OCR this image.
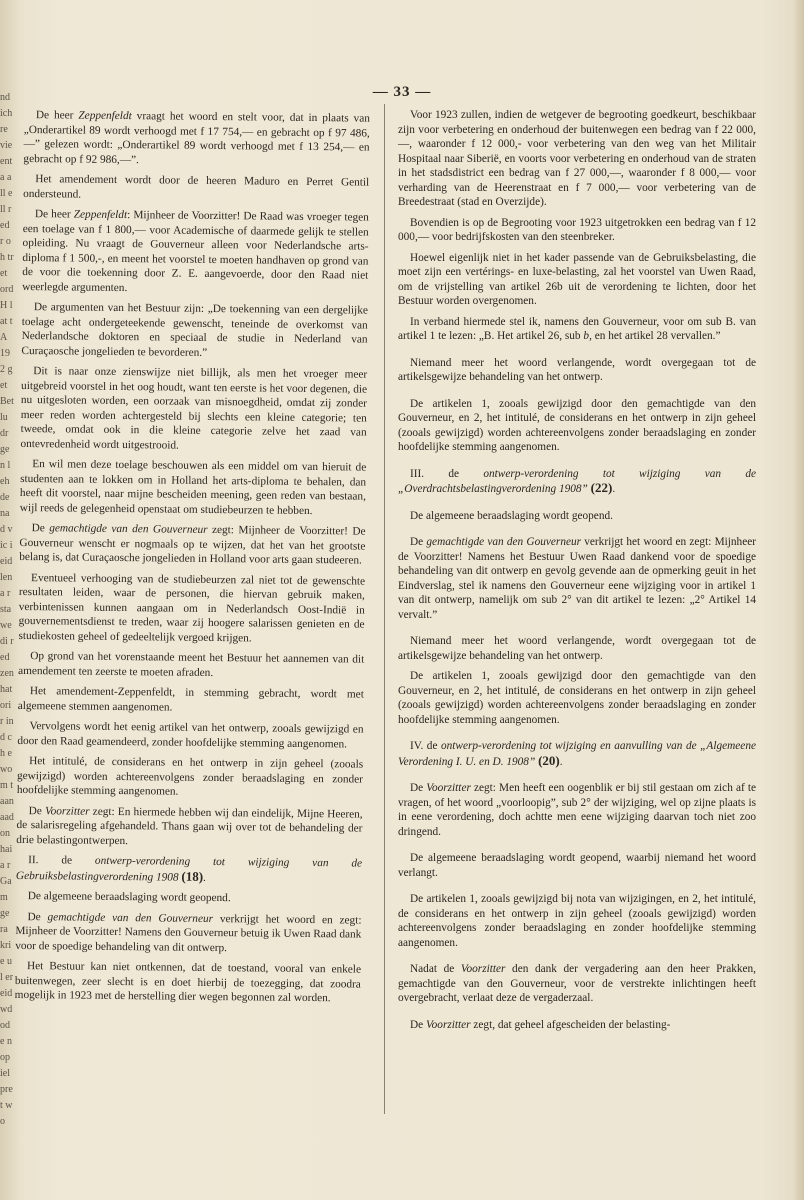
nd ich re vie ent a all ell red r o h tr et ord H lat t A 192 get Bet lu dr gen leh de nad vic ieid len a r sta we di red zen hat ori r ind ch e wo m t aan aad on hai a r Ga m ge ra kri e u l er eid wd ode n op iel pre t wo
— 33 —

De heer Zeppenfeldt vraagt het woord en stelt voor, dat in plaats van „Onderartikel 89 wordt verhoogd met f 17 754,— en gebracht op f 97 486,—” gelezen wordt: „Onderartikel 89 wordt verhoogd met f 13 254,— en gebracht op f 92 986,—”.

Het amendement wordt door de heeren Maduro en Perret Gentil ondersteund.

De heer Zeppenfeldt: Mijnheer de Voorzitter! De Raad was vroeger tegen een toelage van f 1 800,— voor Academische of daarmede gelijk te stellen opleiding. Nu vraagt de Gouverneur alleen voor Nederlandsche arts-diploma f 1 500,-, en meent het voorstel te moeten handhaven op grond van de voor die toekenning door Z. E. aangevoerde, door den Raad niet weerlegde argumenten.

De argumenten van het Bestuur zijn: „De toekenning van een dergelijke toelage acht ondergeteekende gewenscht, teneinde de overkomst van Nederlandsche doktoren en speciaal de studie in Nederland van Curaçaosche jongelieden te bevorderen.”

Dit is naar onze zienswijze niet billijk, als men het vroeger meer uitgebreid voorstel in het oog houdt, want ten eerste is het voor degenen, die nu uitgesloten worden, een oorzaak van misnoegdheid, omdat zij zonder meer reden worden achtergesteld bij slechts een kleine categorie; ten tweede, omdat ook in die kleine categorie zelve het zaad van ontevredenheid wordt uitgestrooid.

En wil men deze toelage beschouwen als een middel om van hieruit de studenten aan te lokken om in Holland het arts-diploma te behalen, dan heeft dit voorstel, naar mijne bescheiden meening, geen reden van bestaan, wijl reeds de gelegenheid openstaat om studiebeurzen te hebben.

De gemachtigde van den Gouverneur zegt: Mijnheer de Voorzitter! De Gouverneur wenscht er nogmaals op te wijzen, dat het van het grootste belang is, dat Curaçaosche jongelieden in Holland voor arts gaan studeeren.

Eventueel verhooging van de studiebeurzen zal niet tot de gewenschte resultaten leiden, waar de personen, die hiervan gebruik maken, verbintenissen kunnen aangaan om in Nederlandsch Oost-Indië in gouvernementsdienst te treden, waar zij hoogere salarissen genieten en de studiekosten geheel of gedeeltelijk vergoed krijgen.

Op grond van het vorenstaande meent het Bestuur het aannemen van dit amendement ten zeerste te moeten afraden.

Het amendement-Zeppenfeldt, in stemming gebracht, wordt met algemeene stemmen aangenomen.

Vervolgens wordt het eenig artikel van het ontwerp, zooals gewijzigd en door den Raad geamendeerd, zonder hoofdelijke stemming aangenomen.

Het intitulé, de considerans en het ontwerp in zijn geheel (zooals gewijzigd) worden achtereenvolgens zonder beraadslaging en zonder hoofdelijke stemming aangenomen.

De Voorzitter zegt: En hiermede hebben wij dan eindelijk, Mijne Heeren, de salarisregeling afgehandeld. Thans gaan wij over tot de behandeling der drie belastingontwerpen.

II. de ontwerp-verordening tot wijziging van de Gebruiksbelastingverordening 1908 (18).

De algemeene beraadslaging wordt geopend.

De gemachtigde van den Gouverneur verkrijgt het woord en zegt: Mijnheer de Voorzitter! Namens den Gouverneur betuig ik Uwen Raad dank voor de spoedige behandeling van dit ontwerp.

Het Bestuur kan niet ontkennen, dat de toestand, vooral van enkele buitenwegen, zeer slecht is en doet hierbij de toezegging, dat zoodra mogelijk in 1923 met de herstelling dier wegen begonnen zal worden.

Voor 1923 zullen, indien de wetgever de begrooting goedkeurt, beschikbaar zijn voor verbetering en onderhoud der buitenwegen een bedrag van f 22 000,—, waaronder f 12 000,- voor verbetering van den weg van het Militair Hospitaal naar Siberië, en voorts voor verbetering en onderhoud van de straten in het stadsdistrict een bedrag van f 27 000,—, waaronder f 8 000,— voor verharding van de Heerenstraat en f 7 000,— voor verbetering van de Breedestraat (stad en Overzijde).

Bovendien is op de Begrooting voor 1923 uitgetrokken een bedrag van f 12 000,— voor bedrijfskosten van den steenbreker.

Hoewel eigenlijk niet in het kader passende van de Gebruiksbelasting, die moet zijn een vertérings- en luxe-belasting, zal het voorstel van Uwen Raad, om de vrijstelling van artikel 26b uit de verordening te lichten, door het Bestuur worden overgenomen.

In verband hiermede stel ik, namens den Gouverneur, voor om sub B. van artikel 1 te lezen: „B. Het artikel 26, sub b, en het artikel 28 vervallen.”

Niemand meer het woord verlangende, wordt overgegaan tot de artikelsgewijze behandeling van het ontwerp.

De artikelen 1, zooals gewijzigd door den gemachtigde van den Gouverneur, en 2, het intitulé, de considerans en het ontwerp in zijn geheel (zooals gewijzigd) worden achtereenvolgens zonder beraadslaging en zonder hoofdelijke stemming aangenomen.

III. de ontwerp-verordening tot wijziging van de „Overdrachtsbelastingverordening 1908” (22).

De algemeene beraadslaging wordt geopend.

De gemachtigde van den Gouverneur verkrijgt het woord en zegt: Mijnheer de Voorzitter! Namens het Bestuur Uwen Raad dankend voor de spoedige behandeling van dit ontwerp en gevolg gevende aan de opmerking geuit in het Eindverslag, stel ik namens den Gouverneur eene wijziging voor in artikel 1 van dit ontwerp, namelijk om sub 2° van dit artikel te lezen: „2° Artikel 14 vervalt.”

Niemand meer het woord verlangende, wordt overgegaan tot de artikelsgewijze behandeling van het ontwerp.

De artikelen 1, zooals gewijzigd door den gemachtigde van den Gouverneur, en 2, het intitulé, de considerans en het ontwerp in zijn geheel (zooals gewijzigd) worden achtereenvolgens zonder beraadslaging en zonder hoofdelijke stemming aangenomen.

IV. de ontwerp-verordening tot wijziging en aanvulling van de „Algemeene Verordening I. U. en D. 1908” (20).

De Voorzitter zegt: Men heeft een oogenblik er bij stil gestaan om zich af te vragen, of het woord „voorloopig”, sub 2° der wijziging, wel op zijne plaats is in eene verordening, doch achtte men eene wijziging daarvan toch niet zoo dringend.

De algemeene beraadslaging wordt geopend, waarbij niemand het woord verlangt.

De artikelen 1, zooals gewijzigd bij nota van wijzigingen, en 2, het intitulé, de considerans en het ontwerp in zijn geheel (zooals gewijzigd) worden achtereenvolgens zonder beraadslaging en zonder hoofdelijke stemming aangenomen.

Nadat de Voorzitter den dank der vergadering aan den heer Prakken, gemachtigde van den Gouverneur, voor de verstrekte inlichtingen heeft overgebracht, verlaat deze de vergaderzaal.

De Voorzitter zegt, dat geheel afgescheiden der belasting-
